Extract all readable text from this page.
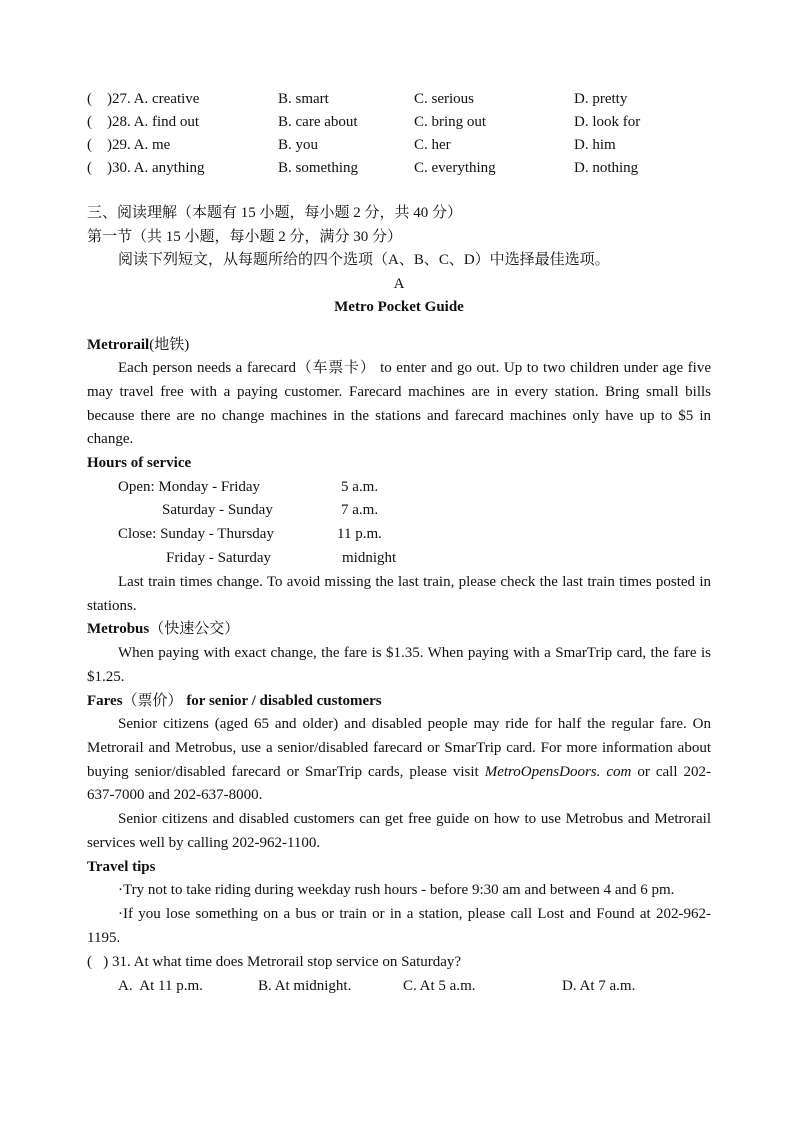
(    )27. A. creative	B. smart	C. serious	D. pretty
(    )28. A. find out	B. care about	C. bring out	D. look for
(    )29. A. me	B. you	C. her	D. him
(    )30. A. anything	B. something	C. everything	D. nothing
三、阅读理解（本题有 15 小题，每小题 2 分，共 40 分）
第一节（共 15 小题，每小题 2 分，满分 30 分）
阅读下列短文，从每题所给的四个选项（A、B、C、D）中选择最佳选项。
A
Metro Pocket Guide
Metrorail(地铁)

Each person needs a farecard（车票卡） to enter and go out. Up to two children under age five may travel free with a paying customer. Farecard machines are in every station. Bring small bills because there are no change machines in the stations and farecard machines only have up to $5 in change.

Hours of service
Open: Monday - Friday	5 a.m.
Saturday - Sunday	7 a.m.
Close: Sunday - Thursday	11 p.m.
Friday - Saturday	midnight

Last train times change. To avoid missing the last train, please check the last train times posted in stations.

Metrobus（快速公交）

When paying with exact change, the fare is $1.35. When paying with a SmarTrip card, the fare is $1.25.

Fares（票价） for senior / disabled customers

Senior citizens (aged 65 and older) and disabled people may ride for half the regular fare. On Metrorail and Metrobus, use a senior/disabled farecard or SmarTrip card. For more information about buying senior/disabled farecard or SmarTrip cards, please visit MetroOpensDoors. com or call 202-637-7000 and 202-637-8000.

Senior citizens and disabled customers can get free guide on how to use Metrobus and Metrorail services well by calling 202-962-1100.

Travel tips

·Try not to take riding during weekday rush hours - before 9:30 am and between 4 and 6 pm.

·If you lose something on a bus or train or in a station, please call Lost and Found at 202-962-1195.

(   ) 31. At what time does Metrorail stop service on Saturday?
A.  At 11 p.m.	B. At midnight.	C. At 5 a.m.	D. At 7 a.m.
